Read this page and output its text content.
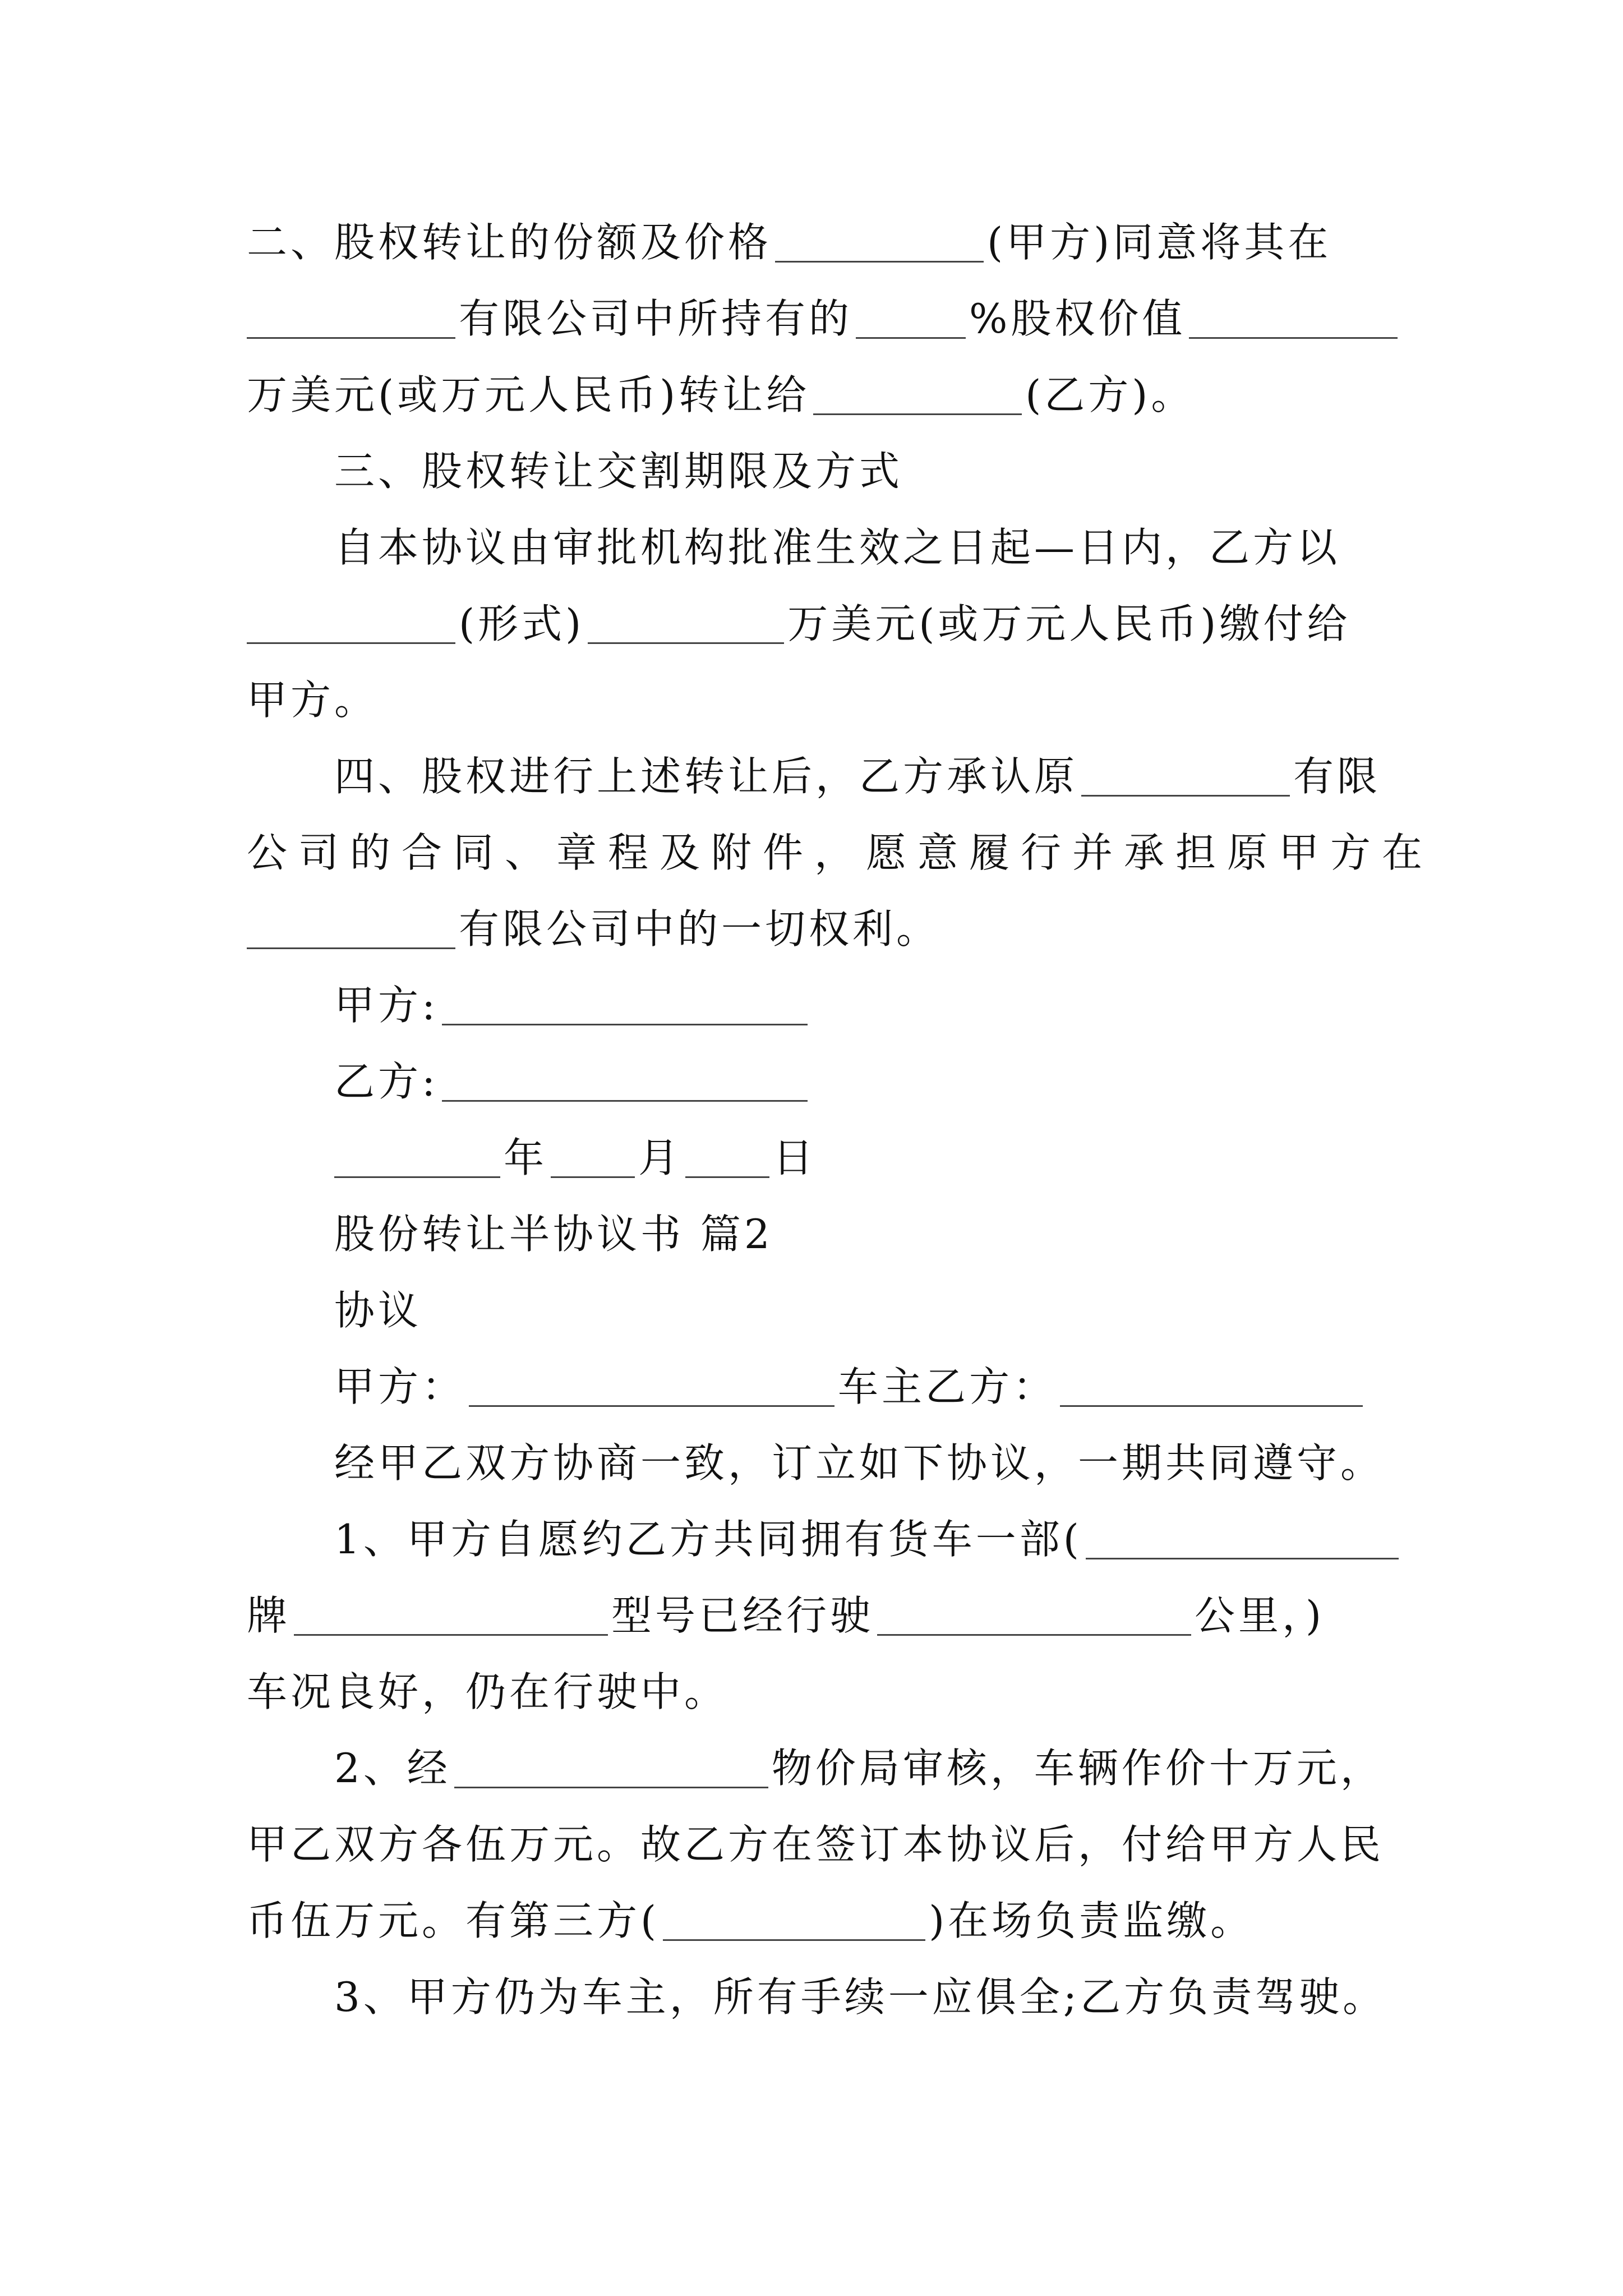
二、股权转让的份额及价格	(甲方)同意将其在
有限公司中所持有的	%股权价值
万美元(或万元人民币)转让给	(乙方)。
三、股权转让交割期限及方式
自本协议由审批机构批准生效之日起—日内，乙方以
(形式)	万美元(或万元人民币)缴付给
甲方。
四、股权进行上述转让后，乙方承认原	有限
公司的合同、章程及附件，愿意履行并承担原甲方在
有限公司中的一切权利。
甲方:
乙方:
年 月 日
股份转让半协议书 篇2
协议
甲方：	车主乙方：
经甲乙双方协商一致，订立如下协议，一期共同遵守。
1、甲方自愿约乙方共同拥有货车一部(
牌	型号已经行驶	公里，)
车况良好，仍在行驶中。
2、经	物价局审核，车辆作价十万元，
甲乙双方各伍万元。故乙方在签订本协议后，付给甲方人民
币伍万元。有第三方(	)在场负责监缴。
3、甲方仍为车主，所有手续一应俱全;乙方负责驾驶。
